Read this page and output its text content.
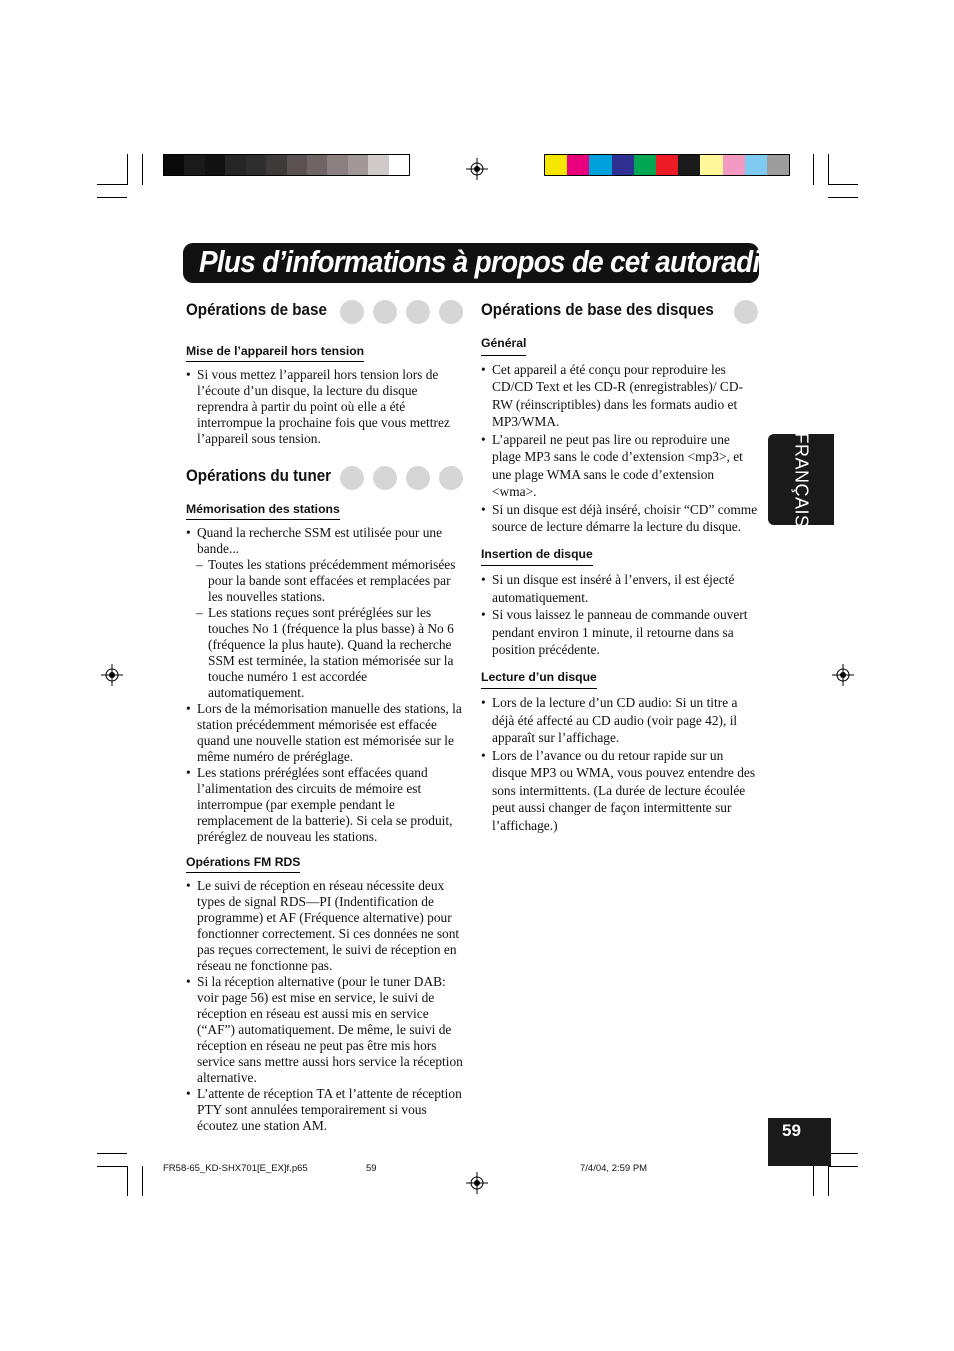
Plus d’informations à propos de cet autoradio
FRANÇAIS
Opérations de base
Mise de l’appareil hors tension
• Si vous mettez l’appareil hors tension lors de l’écoute d’un disque, la lecture du disque reprendra à partir du point où elle a été interrompue la prochaine fois que vous mettrez l’appareil sous tension.
Opérations du tuner
Mémorisation des stations
• Quand la recherche SSM est utilisée pour une bande...
– Toutes les stations précédemment mémorisées pour la bande sont effacées et remplacées par les nouvelles stations.
– Les stations reçues sont préréglées sur les touches No 1 (fréquence la plus basse) à No 6 (fréquence la plus haute). Quand la recherche SSM est terminée, la station mémorisée sur la touche numéro 1 est accordée automatiquement.
• Lors de la mémorisation manuelle des stations, la station précédemment mémorisée est effacée quand une nouvelle station est mémorisée sur le même numéro de préréglage.
• Les stations préréglées sont effacées quand l’alimentation des circuits de mémoire est interrompue (par exemple pendant le remplacement de la batterie). Si cela se produit, préréglez de nouveau les stations.
Opérations FM RDS
• Le suivi de réception en réseau nécessite deux types de signal RDS—PI (Indentification de programme) et AF (Fréquence alternative) pour fonctionner correctement. Si ces données ne sont pas reçues correctement, le suivi de réception en réseau ne fonctionne pas.
• Si la réception alternative (pour le tuner DAB: voir page 56) est mise en service, le suivi de réception en réseau est aussi mis en service (“AF”) automatiquement. De même, le suivi de réception en réseau ne peut pas être mis hors service sans mettre aussi hors service la réception alternative.
• L’attente de réception TA et l’attente de réception PTY sont annulées temporairement si vous écoutez une station AM.
Opérations de base des disques
Général
• Cet appareil a été conçu pour reproduire les CD/CD Text et les CD-R (enregistrables)/ CD-RW (réinscriptibles) dans les formats audio et MP3/WMA.
• L’appareil ne peut pas lire ou reproduire une plage MP3 sans le code d’extension <mp3>, et une plage WMA sans le code d’extension <wma>.
• Si un disque est déjà inséré, choisir “CD” comme source de lecture démarre la lecture du disque.
Insertion de disque
• Si un disque est inséré à l’envers, il est éjecté automatiquement.
• Si vous laissez le panneau de commande ouvert pendant environ 1 minute, il retourne dans sa position précédente.
Lecture d’un disque
• Lors de la lecture d’un CD audio: Si un titre a déjà été affecté au CD audio (voir page 42), il apparaît sur l’affichage.
• Lors de l’avance ou du retour rapide sur un disque MP3 ou WMA, vous pouvez entendre des sons intermittents. (La durée de lecture écoulée peut aussi changer de façon intermittente sur l’affichage.)
59
FR58-65_KD-SHX701[E_EX]f.p65	59	7/4/04, 2:59 PM
